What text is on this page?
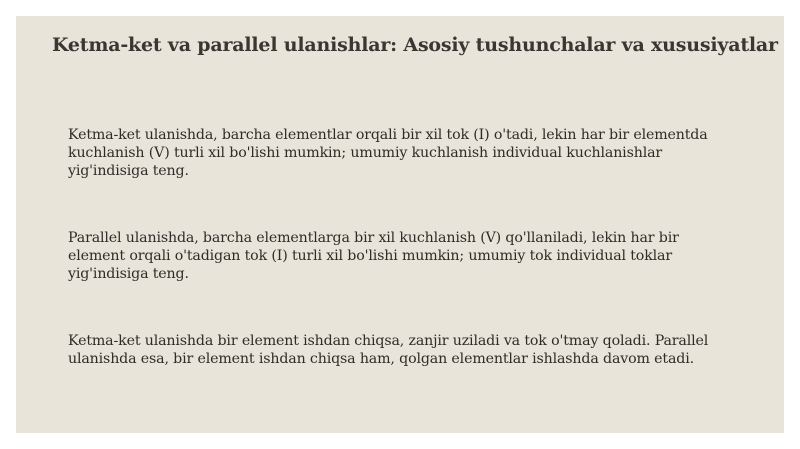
Ketma-ket va parallel ulanishlar: Asosiy tushunchalar va xususiyatlar

Ketma-ket ulanishda, barcha elementlar orqali bir xil tok (I) o'tadi, lekin har bir elementda kuchlanish (V) turli xil bo'lishi mumkin; umumiy kuchlanish individual kuchlanishlar yig'indisiga teng.

Parallel ulanishda, barcha elementlarga bir xil kuchlanish (V) qo'llaniladi, lekin har bir element orqali o'tadigan tok (I) turli xil bo'lishi mumkin; umumiy tok individual toklar yig'indisiga teng.

Ketma-ket ulanishda bir element ishdan chiqsa, zanjir uziladi va tok o'tmay qoladi. Parallel ulanishda esa, bir element ishdan chiqsa ham, qolgan elementlar ishlashda davom etadi.
